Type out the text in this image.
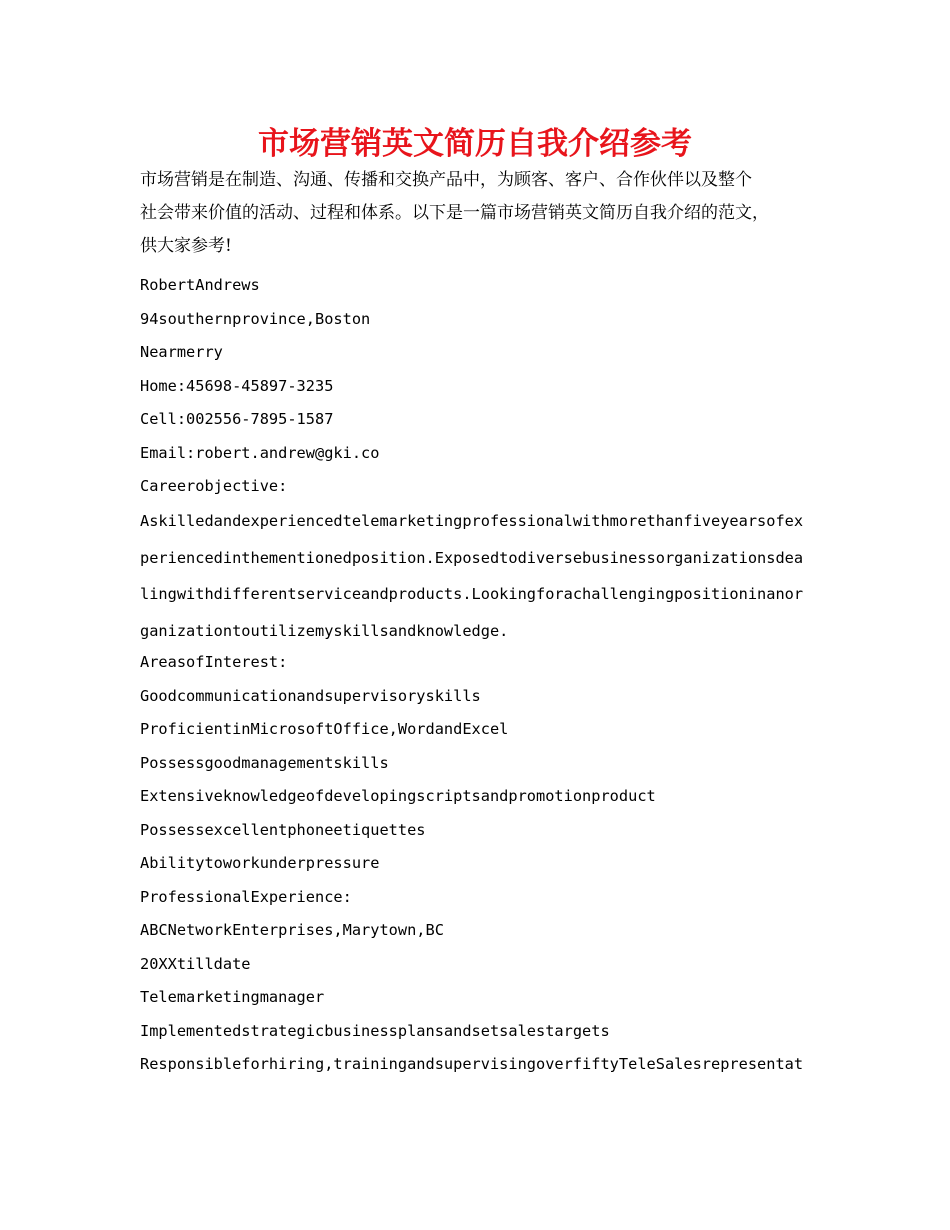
市场营销英文简历自我介绍参考

市场营销是在制造、沟通、传播和交换产品中，为顾客、客户、合作伙伴以及整个
社会带来价值的活动、过程和体系。以下是一篇市场营销英文简历自我介绍的范文，
供大家参考!

RobertAndrews
94southernprovince,Boston
Nearmerry
Home:45698-45897-3235
Cell:002556-7895-1587
Email:robert.andrew@gki.co
Careerobjective:

Askilledandexperiencedtelemarketingprofessionalwithmorethanfiveyearsofex
periencedinthementionedposition.Exposedtodiversebusinessorganizationsdea
lingwithdifferentserviceandproducts.Lookingforachallengingpositioninanor
ganizationtoutilizemyskillsandknowledge.

AreasofInterest:
Goodcommunicationandsupervisoryskills
ProficientinMicrosoftOffice,WordandExcel
Possessgoodmanagementskills
Extensiveknowledgeofdevelopingscriptsandpromotionproduct
Possessexcellentphoneetiquettes
Abilitytoworkunderpressure
ProfessionalExperience:
ABCNetworkEnterprises,Marytown,BC
20XXtilldate
Telemarketingmanager
Implementedstrategicbusinessplansandsetsalestargets
Responsibleforhiring,trainingandsupervisingoverfiftyTeleSalesrepresentat
